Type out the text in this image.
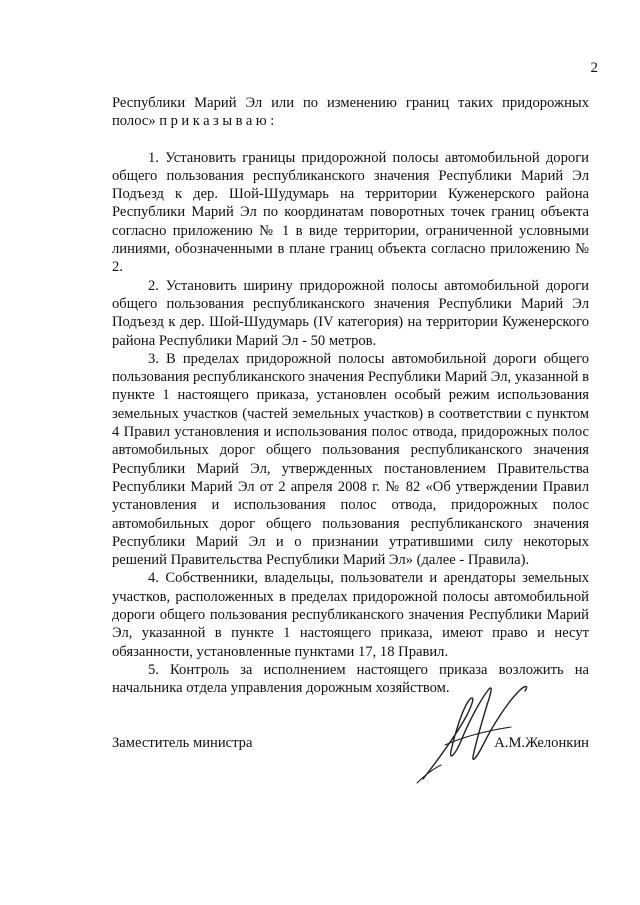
2

Республики Марий Эл или по изменению границ таких придорожных полос» приказываю:

1. Установить границы придорожной полосы автомобильной дороги общего пользования республиканского значения Республики Марий Эл Подъезд к дер. Шой-Шудумарь на территории Куженерского района Республики Марий Эл по координатам поворотных точек границ объекта согласно приложению № 1 в виде территории, ограниченной условными линиями, обозначенными в плане границ объекта согласно приложению № 2.

2. Установить ширину придорожной полосы автомобильной дороги общего пользования республиканского значения Республики Марий Эл Подъезд к дер. Шой-Шудумарь (IV категория) на территории Куженерского района Республики Марий Эл - 50 метров.

3. В пределах придорожной полосы автомобильной дороги общего пользования республиканского значения Республики Марий Эл, указанной в пункте 1 настоящего приказа, установлен особый режим использования земельных участков (частей земельных участков) в соответствии с пунктом 4 Правил установления и использования полос отвода, придорожных полос автомобильных дорог общего пользования республиканского значения Республики Марий Эл, утвержденных постановлением Правительства Республики Марий Эл от 2 апреля 2008 г. № 82 «Об утверждении Правил установления и использования полос отвода, придорожных полос автомобильных дорог общего пользования республиканского значения Республики Марий Эл и о признании утратившими силу некоторых решений Правительства Республики Марий Эл» (далее - Правила).

4. Собственники, владельцы, пользователи и арендаторы земельных участков, расположенных в пределах придорожной полосы автомобильной дороги общего пользования республиканского значения Республики Марий Эл, указанной в пункте 1 настоящего приказа, имеют право и несут обязанности, установленные пунктами 17, 18 Правил.

5. Контроль за исполнением настоящего приказа возложить на начальника отдела управления дорожным хозяйством.

Заместитель министра	А.М.Желонкин
